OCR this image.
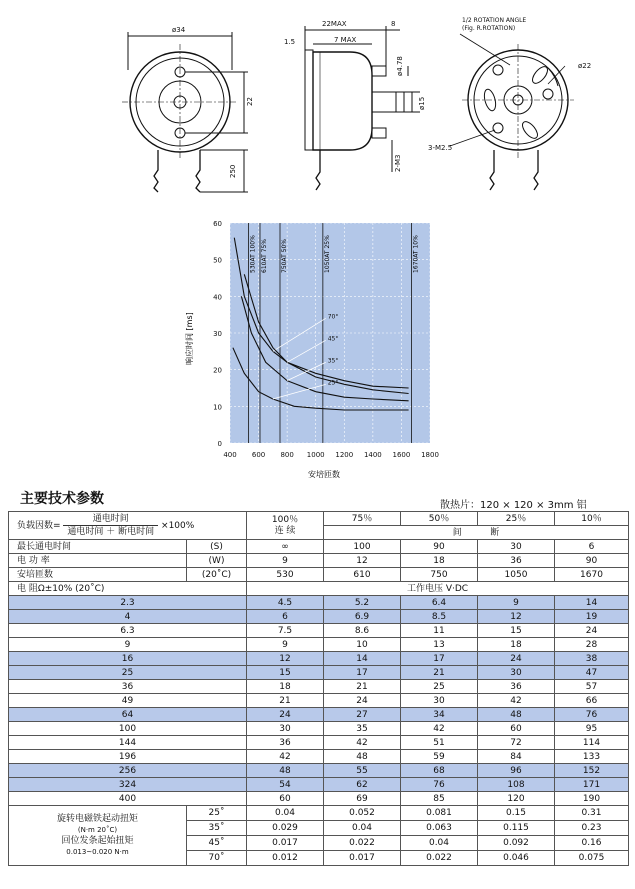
ø34
22
250
22MAX	8
1.5	7 MAX
ø4.78
ø15
2-M3
1/2 ROTATION ANGLE
(Fig. R.ROTATION)
ø22
3-M2.5
530AT 100% 610AT 75% 750AT 50%	1050AT 25%	1670AT 10%
70°
45°
35°
25°
400 600 800 1000 1200 1400 1600 1800
0
10
20
30
40
50
60
响应时间 [ms]
安培匝数
主要技术参数	散热片：120 × 120 × 3mm 铝
负载因数= $\frac{\text{通电时间}}{\text{通电时间 ＋ 断电时间}} \times 100\%$		100％
连 续	75％	50％	25％	10％
			间          断			
最长通电时间	(S)	∞	100	90	30	6
电 功 率	(W)	9	12	18	36	90
安培匝数	(20˚C)	530	610	750	1050	1670
电 阻Ω±10% (20˚C)		工作电压 V·DC				
2.3		4.5	5.2	6.4	9	14
4		6	6.9	8.5	12	19
6.3		7.5	8.6	11	15	24
9		9	10	13	18	28
16		12	14	17	24	38
25		15	17	21	30	47
36		18	21	25	36	57
49		21	24	30	42	66
64		24	27	34	48	76
100		30	35	42	60	95
144		36	42	51	72	114
196		42	48	59	84	133
256		48	55	68	96	152
324		54	62	76	108	171
400		60	69	85	120	190

旋转电磁铁起动扭矩
(N·m 20˚C)
回位发条起始扭矩
0.013~0.020 N·m	25˚	0.04	0.052	0.081	0.15	0.31
	35˚	0.029	0.04	0.063	0.115	0.23
	45˚	0.017	0.022	0.04	0.092	0.16
	70˚	0.012	0.017	0.022	0.046	0.075
